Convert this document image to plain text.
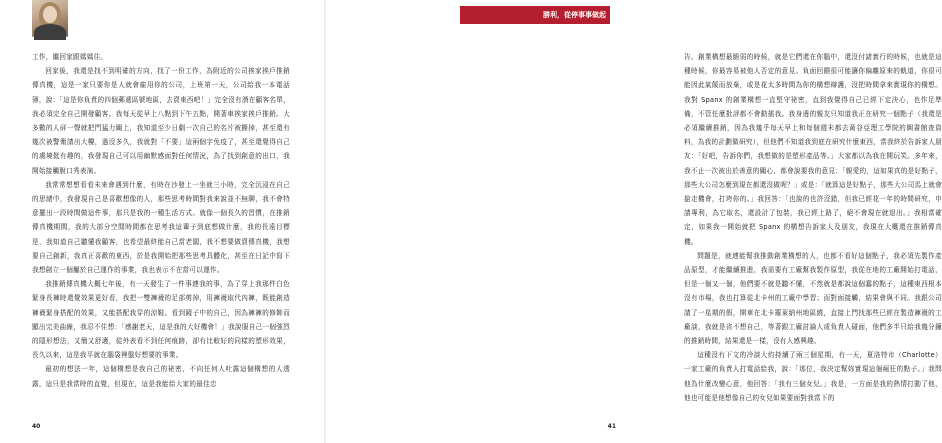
工作，繼回家跟媽媽住。

回家後，我還是找不到明確的方向，找了一份工作，為附近的公司挨家挨戶推銷傳真機，這是一家只要你是人就會雇用你的公司，上班第一天，公司給我一本電話簿，說：「這是你負責的四個郵遞區號地區，去賣東西吧！」完全沒有潛在顧客名單，我必須完全自己開發顧客。我每天從早上八點到下午五點，開著車挨家挨戶推銷。大多數的人砰一聲就把門猛力關上，我知道至少日劇一次自己的名片被撕掉，甚至還有幾次被警衛請出大樓，過沒多久，我就對「不要」這兩個字免疫了，甚至還覺得自己的處境挺有趣的，我發現自己可以用幽默感面對任何情況，為了找到創意的出口，我開始接觸脫口秀表演。

我常常想想看看未來會遇到什麼，有時在沙發上一坐就三小時，完全沉浸在自己的思緒中，我發現自己是喜歡想像的人，那些思考時間對我來說並不無聊，我不會特意擺出一段時間做這件事，那只是我的一種生活方式。就像一個長久的習慣，在推銷傳真機期間，我的大部分空閒時間都在思考我這輩子到底想做什麼，我的長遠目標是，我知道自己聽懂我顧客，也希望最終能自己當老闆，我不想要做賣傳真機，我想要自己創新，我真正喜歡的東西，於是我開始把那些思考具體化，甚至在日記中寫下我想創立一個屬於自己運作的事業，我也表示不在當可以運作。

我推銷傳真機大概七年後，有一天發生了一件事連我的事，為了穿上我那件白色緊身長褲時還覺效果更好看，我把一雙褲襪的足部剪掉，用褲襪取代內褲，既能創造褲襪緊身搭配的效果，又能搭配我穿的涼鞋。看到鏡子中的自己，因為褲褲的修飾而顯出完美曲線，我忍不住想：「感謝老天，這是我的大好機會！」我說服自己一個強烈的隱形想法，又簡又舒適，從外表看不到任何痕跡，卻有比較好的同樣的塑形效果，長久以來，這是我平就在腦袋裡盤好想要的事業。

最初的想法一年，這個構想是我自己的祕密，不向任何人吐露這個構想的人透露，這只是我當時的直覺，但現在，這是我能給大家的最佳忠

40

告。創業構想最脆弱的時候，就是它們還在你腦中，還沒付諸實行的時候，也就是這種時候，你最容易被他人否定的意見。負面回饋很可能讓你偏離原來的軌道，你很可能因此氣餒而放棄，或是花太多時間為你的構想辯護，沒把時間拿來實現你的構想。我對 Spanx 的創業構想一直堅守祕密，直到我覺得自己已經下定決心，也作足準備，不管任麼批評都不會動搖我。我身邊的親友只知道我正在研究一個點子（我還是必須繼續推銷，因為我幾乎每天早上和每個週末都去黃谷亞理工學院的圖書館查資料，為我的計劃做研究），但他們不知道我到底在研究什麼東西，當我終於告訴家人朋友：「好吧，告訴你們，我想做的是塑形產品等。」大家都以為我在開玩笑。多年來，我不止一次被出於善意的關心，都會說要我的意見：「親愛的，這如果真的是好點子，那些大公司怎麼到現在都還沒做呢？」或是：「就算這是好點子，那些大公司馬上就會搶走機會，打垮你的。」我回答：「也說的也許沒錯，但我已經花一年的時間研究，申請專利，為它取名，還設計了包裝，我已經上路了，絕不會現在就退出。」我相當確定，如果我一開始就把 Spanx 的構想告訴家人及朋友，我現在大概還在推銷傳真機。

問題是，就連能幫我推動創業構想的人，也都不看好這個點子，我必須先製作產品原型，才能繼續推進，我需要有工廠幫我製作原型，我從在地的工廠開始打電話，但是一個又一個，他們要不就是聽不懂，不然就是都說這個蠢的點子，這種東西根本沒有市場，我也打算從北卡州的工廠中學習；而對面接觸，結果會與不同。我跟公司請了一星期的假，開車在北卡羅萊納州地區繞，直接上門找那些已經在製造褲襪的工廠談，我就是省不想自己，等著跟工廠討論人或負責人碰面，他們多半只給我幾分鐘的推銷時間，結果還是一樣，沒有人感興趣。

這種沒有下文的冷談大約持續了兩三個星期，有一天，夏洛特市（Charlotte）一家工廠的負責人打電話給我，說：「那位，我決定幫妳實現這個瘋狂的點子。」我問他為什麼改變心意，他回答：「我有三個女兒。」我是，一方面是我的熱情打動了他，他也可能是他想像自己的女兒如果要面對我當下的

41
勝利，從停事事做起
